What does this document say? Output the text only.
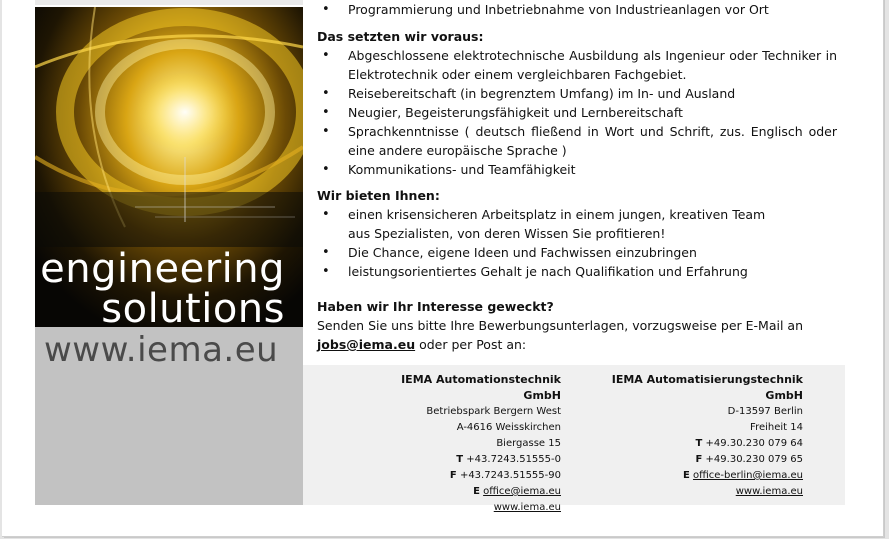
engineering
solutions
www.iema.eu
• Programmierung und Inbetriebnahme von Industrieanlagen vor Ort
Das setzten wir voraus:
• Abgeschlossene elektrotechnische Ausbildung als Ingenieur oder Techniker in Elektrotechnik oder einem vergleichbaren Fachgebiet.
• Reisebereitschaft (in begrenztem Umfang) im In- und Ausland
• Neugier, Begeisterungsfähigkeit und Lernbereitschaft
• Sprachkenntnisse ( deutsch fließend in Wort und Schrift, zus. Englisch oder eine andere europäische Sprache )
• Kommunikations- und Teamfähigkeit
Wir bieten Ihnen:
• einen krisensicheren Arbeitsplatz in einem jungen, kreativen Team
aus Spezialisten, von deren Wissen Sie profitieren!
• Die Chance, eigene Ideen und Fachwissen einzubringen
• leistungsorientiertes Gehalt je nach Qualifikation und Erfahrung
Haben wir Ihr Interesse geweckt?
Senden Sie uns bitte Ihre Bewerbungsunterlagen, vorzugsweise per E-Mail an
jobs@iema.eu oder per Post an:
IEMA Automationstechnik GmbH
Betriebspark Bergern West
A-4616 Weisskirchen
Biergasse 15
T +43.7243.51555-0
F +43.7243.51555-90
E office@iema.eu
www.iema.eu
IEMA Automatisierungstechnik GmbH
D-13597 Berlin
Freiheit 14
T +49.30.230 079 64
F +49.30.230 079 65
E office-berlin@iema.eu
www.iema.eu
